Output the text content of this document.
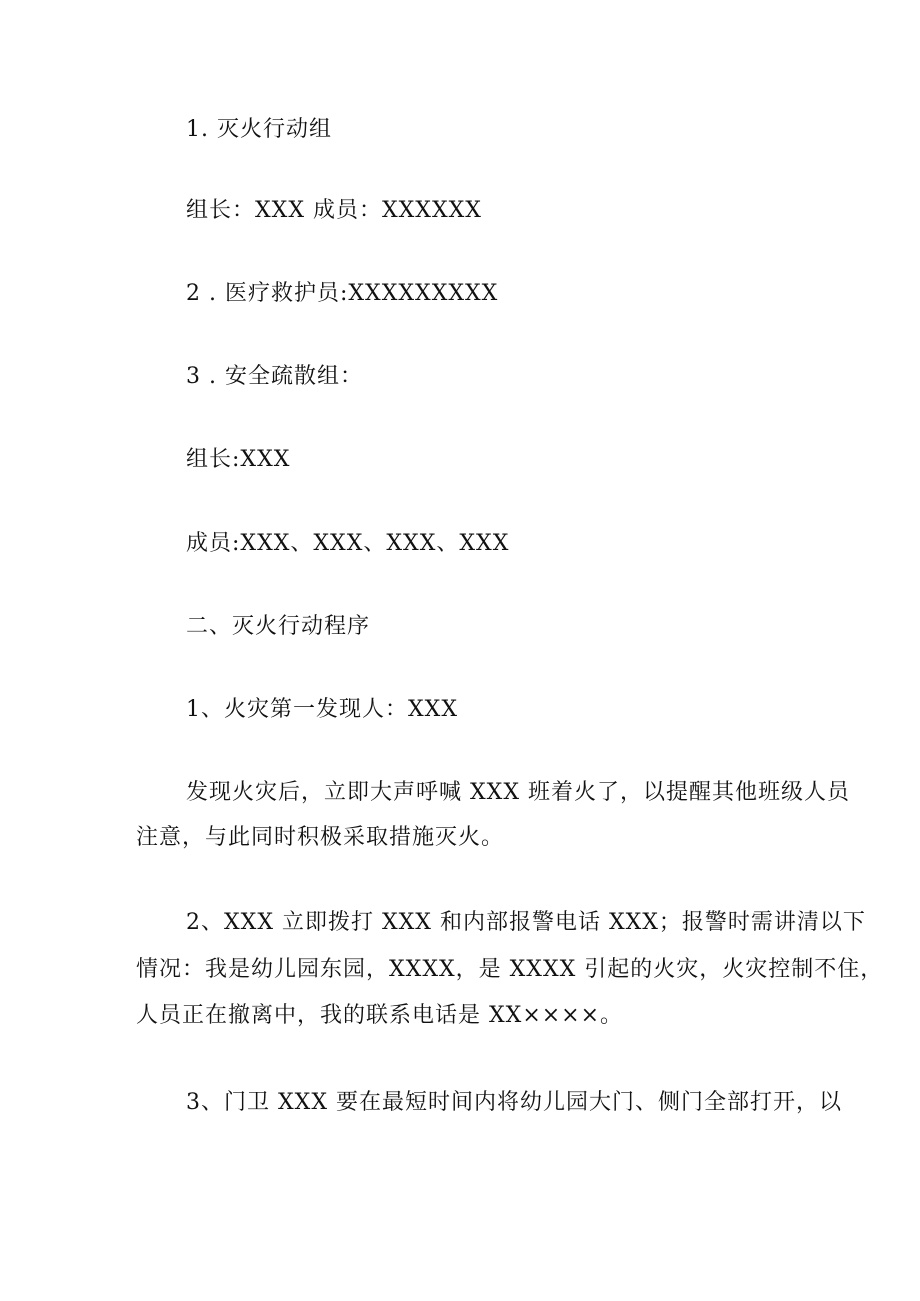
1. 灭火行动组
组长：XXX 成员：XXXXXX
2 . 医疗救护员:XXXXXXXXX
3 . 安全疏散组：
组长:XXX
成员:XXX、XXX、XXX、XXX
二、灭火行动程序
1、火灾第一发现人：XXX
发现火灾后，立即大声呼喊 XXX 班着火了，以提醒其他班级人员
注意，与此同时积极采取措施灭火。
2、XXX 立即拨打 XXX 和内部报警电话 XXX；报警时需讲清以下
情况：我是幼儿园东园，XXXX，是 XXXX 引起的火灾，火灾控制不住，
人员正在撤离中，我的联系电话是 XX××××。
3、门卫 XXX 要在最短时间内将幼儿园大门、侧门全部打开，以
